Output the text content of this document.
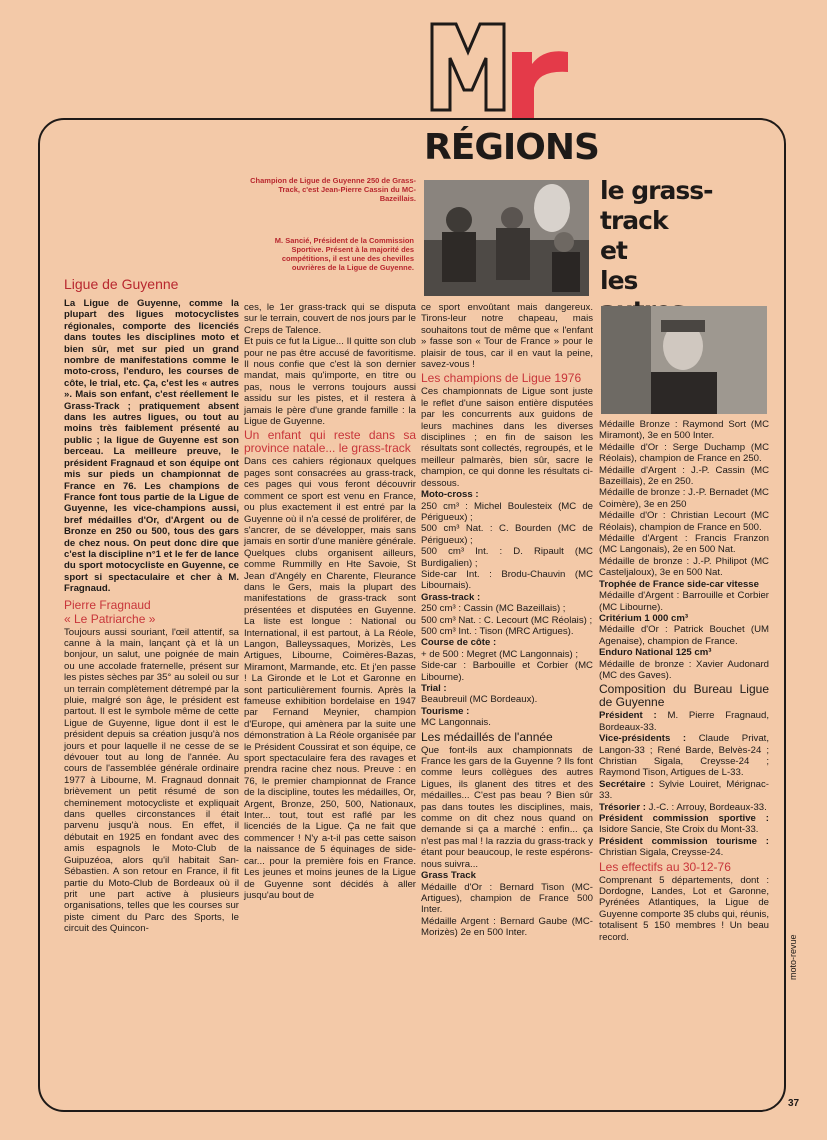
RÉGIONS
le grass-track
et
les
Champion de Ligue de Guyenne 250 de Grass-Track, c'est Jean-Pierre Cassin du MC-Bazeillais.
M. Sancié, Président de la Commission Sportive. Présent à la majorité des compétitions, il est une des chevilles ouvrières de la Ligue de Guyenne.
Ligue de Guyenne

La Ligue de Guyenne, comme la plupart des ligues motocyclistes régionales, comporte des licenciés dans toutes les disciplines moto et bien sûr, met sur pied un grand nombre de manifestations comme le moto-cross, l'enduro, les courses de côte, le trial, etc. Ça, c'est les « autres ». Mais son enfant, c'est réellement le Grass-Track ; pratiquement absent dans les autres ligues, ou tout au moins très faiblement présenté au public ; la ligue de Guyenne est son berceau. La meilleure preuve, le président Fragnaud et son équipe ont mis sur pieds un championnat de France en 76. Les champions de France font tous partie de la Ligue de Guyenne, les vice-champions aussi, bref médailles d'Or, d'Argent ou de Bronze en 250 ou 500, tous des gars de chez nous. On peut donc dire que c'est la discipline n°1 et le fer de lance du sport motocycliste en Guyenne, ce sport si spectaculaire et cher à M. Fragnaud.

Pierre Fragnaud
« Le Patriarche »

Toujours aussi souriant, l'œil attentif, sa canne à la main, lançant çà et là un bonjour, un salut, une poignée de main ou une accolade fraternelle, présent sur les pistes sèches par 35° au soleil ou sur un terrain complètement détrempé par la pluie, malgré son âge, le président est partout. Il est le symbole même de cette Ligue de Guyenne, ligue dont il est le président depuis sa création jusqu'à nos jours et pour laquelle il ne cesse de se dévouer tout au long de l'année. Au cours de l'assemblée générale ordinaire 1977 à Libourne, M. Fragnaud donnait brièvement un petit résumé de son cheminement motocycliste et expliquait dans quelles circonstances il était parvenu jusqu'à nous. En effet, il débutait en 1925 en fondant avec des amis espagnols le Moto-Club de Guipuzéoa, alors qu'il habitait San-Sébastien. A son retour en France, il fit partie du Moto-Club de Bordeaux où il prit une part active à plusieurs organisations, telles que les courses sur piste ciment du Parc des Sports, le circuit des Quincon-

ces, le 1er grass-track qui se disputa sur le terrain, couvert de nos jours par le Creps de Talence.

Et puis ce fut la Ligue... Il quitte son club pour ne pas être accusé de favoritisme. Il nous confie que c'est là son dernier mandat, mais qu'importe, en titre ou pas, nous le verrons toujours aussi assidu sur les pistes, et il restera à jamais le père d'une grande famille : la Ligue de Guyenne.

Un enfant qui reste dans sa province natale... le grass-track

Dans ces cahiers régionaux quelques pages sont consacrées au grass-track, ces pages qui vous feront découvrir comment ce sport est venu en France, ou plus exactement il est entré par la Guyenne où il n'a cessé de proliférer, de s'ancrer, de se développer, mais sans jamais en sortir d'une manière générale. Quelques clubs organisent ailleurs, comme Rummilly en Hte Savoie, St Jean d'Angély en Charente, Fleurance dans le Gers, mais la plupart des manifestations de grass-track sont présentées et disputées en Guyenne. La liste est longue : National ou International, il est partout, à La Réole, Langon, Balleyssaques, Morizès, Les Artigues, Libourne, Coimères-Bazas, Miramont, Marmande, etc. Et j'en passe ! La Gironde et le Lot et Garonne en sont particulièrement fournis. Après la fameuse exhibition bordelaise en 1947 par Fernand Meynier, champion d'Europe, qui amènera par la suite une démonstration à La Réole organisée par le Président Coussirat et son équipe, ce sport spectaculaire fera des ravages et prendra racine chez nous. Preuve : en 76, le premier championnat de France de la discipline, toutes les médailles, Or, Argent, Bronze, 250, 500, Nationaux, Inter... tout, tout est raflé par les licenciés de la Ligue. Ça ne fait que commencer ! N'y a-t-il pas cette saison la naissance de 5 équinages de side-car... pour la première fois en France. Les jeunes et moins jeunes de la Ligue de Guyenne sont décidés à aller jusqu'au bout de

ce sport envoûtant mais dangereux. Tirons-leur notre chapeau, mais souhaitons tout de même que « l'enfant » fasse son « Tour de France » pour le plaisir de tous, car il en vaut la peine, savez-vous !

Les champions de Ligue 1976

Ces championnats de Ligue sont juste le reflet d'une saison entière disputées par les concurrents aux guidons de leurs machines dans les diverses disciplines ; en fin de saison les résultats sont collectés, regroupés, et le meilleur palmarès, bien sûr, sacre le champion, ce qui donne les résultats ci-dessous.

Moto-cross :

250 cm³ : Michel Boulesteix (MC de Périgueux) ;

500 cm³ Nat. : C. Bourden (MC de Périgueux) ;

500 cm³ Int. : D. Ripault (MC Burdigalien) ;

Side-car Int. : Brodu-Chauvin (MC Libournais).

Grass-track :

250 cm³ : Cassin (MC Bazeillais) ;

500 cm³ Nat. : C. Lecourt (MC Réolais) ;

500 cm³ Int. : Tison (MRC Artigues).

Course de côte :

+ de 500 : Megret (MC Langonnais) ;

Side-car : Barbouille et Corbier (MC Libourne).

Trial :

Beaubreuil (MC Bordeaux).

Tourisme :

MC Langonnais.

Les médaillés de l'année

Que font-ils aux championnats de France les gars de la Guyenne ? Ils font comme leurs collègues des autres Ligues, ils glanent des titres et des médailles... C'est pas beau ? Bien sûr pas dans toutes les disciplines, mais, comme on dit chez nous quand on demande si ça a marché : enfin... ça n'est pas mal ! la razzia du grass-track y étant pour beaucoup, le reste espérons-nous suivra...

Grass Track

Médaille d'Or : Bernard Tison (MC-Artigues), champion de France 500 Inter.

Médaille Argent : Bernard Gaube (MC-Morizès) 2e en 500 Inter.

Médaille Bronze : Raymond Sort (MC Miramont), 3e en 500 Inter.

Médaille d'Or : Serge Duchamp (MC Réolais), champion de France en 250.

Médaille d'Argent : J.-P. Cassin (MC Bazeillais), 2e en 250.

Médaille de bronze : J.-P. Bernadet (MC Coimère), 3e en 250

Médaille d'Or : Christian Lecourt (MC Réolais), champion de France en 500.

Médaille d'Argent : Francis Franzon (MC Langonais), 2e en 500 Nat.

Médaille de bronze : J.-P. Philipot (MC Casteljaloux), 3e en 500 Nat.

Trophée de France side-car vitesse

Médaille d'Argent : Barrouille et Corbier (MC Libourne).

Critérium 1 000 cm³

Médaille d'Or : Patrick Bouchet (UM Agenaise), champion de France.

Enduro National 125 cm³

Médaille de bronze : Xavier Audonard (MC des Gaves).

Composition du Bureau Ligue de Guyenne

Président : M. Pierre Fragnaud, Bordeaux-33.

Vice-présidents : Claude Privat, Langon-33 ; René Barde, Belvès-24 ; Christian Sigala, Creysse-24 ; Raymond Tison, Artigues de L-33.

Secrétaire : Sylvie Louiret, Mérignac-33.

Trésorier : J.-C. : Arrouy, Bordeaux-33.

Président commission sportive : Isidore Sancie, Ste Croix du Mont-33.

Président commission tourisme : Christian Sigala, Creysse-24.

Les effectifs au 30-12-76

Comprenant 5 départements, dont : Dordogne, Landes, Lot et Garonne, Pyrénées Atlantiques, la Ligue de Guyenne comporte 35 clubs qui, réunis, totalisent 5 150 membres ! Un beau record.	moto-revue
37
